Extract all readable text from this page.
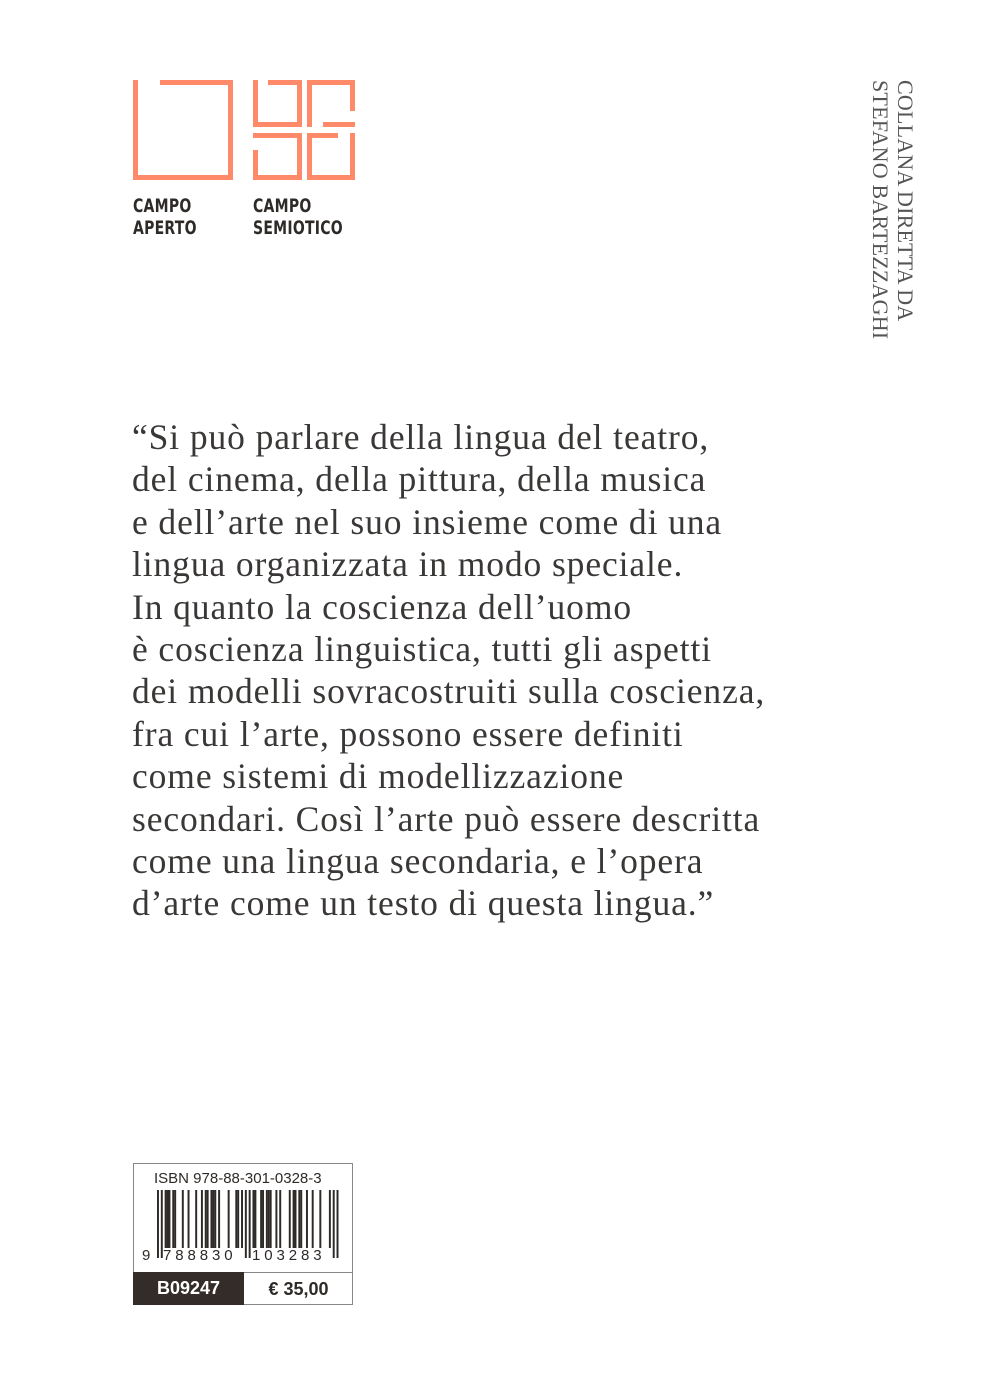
CAMPO
APERTO
CAMPO
SEMIOTICO	COLLANA DIRETTA DA
STEFANO BARTEZZAGHI
“Si può parlare della lingua del teatro,
del cinema, della pittura, della musica
e dell’arte nel suo insieme come di una
lingua organizzata in modo speciale.
In quanto la coscienza dell’uomo
è coscienza linguistica, tutti gli aspetti
dei modelli sovracostruiti sulla coscienza,
fra cui l’arte, possono essere definiti
come sistemi di modellizzazione
secondari. Così l’arte può essere descritta
come una lingua secondaria, e l’opera
d’arte come un testo di questa lingua.”
ISBN 978-88-301-0328-3
9 788830 103283
B09247	€ 35,00
